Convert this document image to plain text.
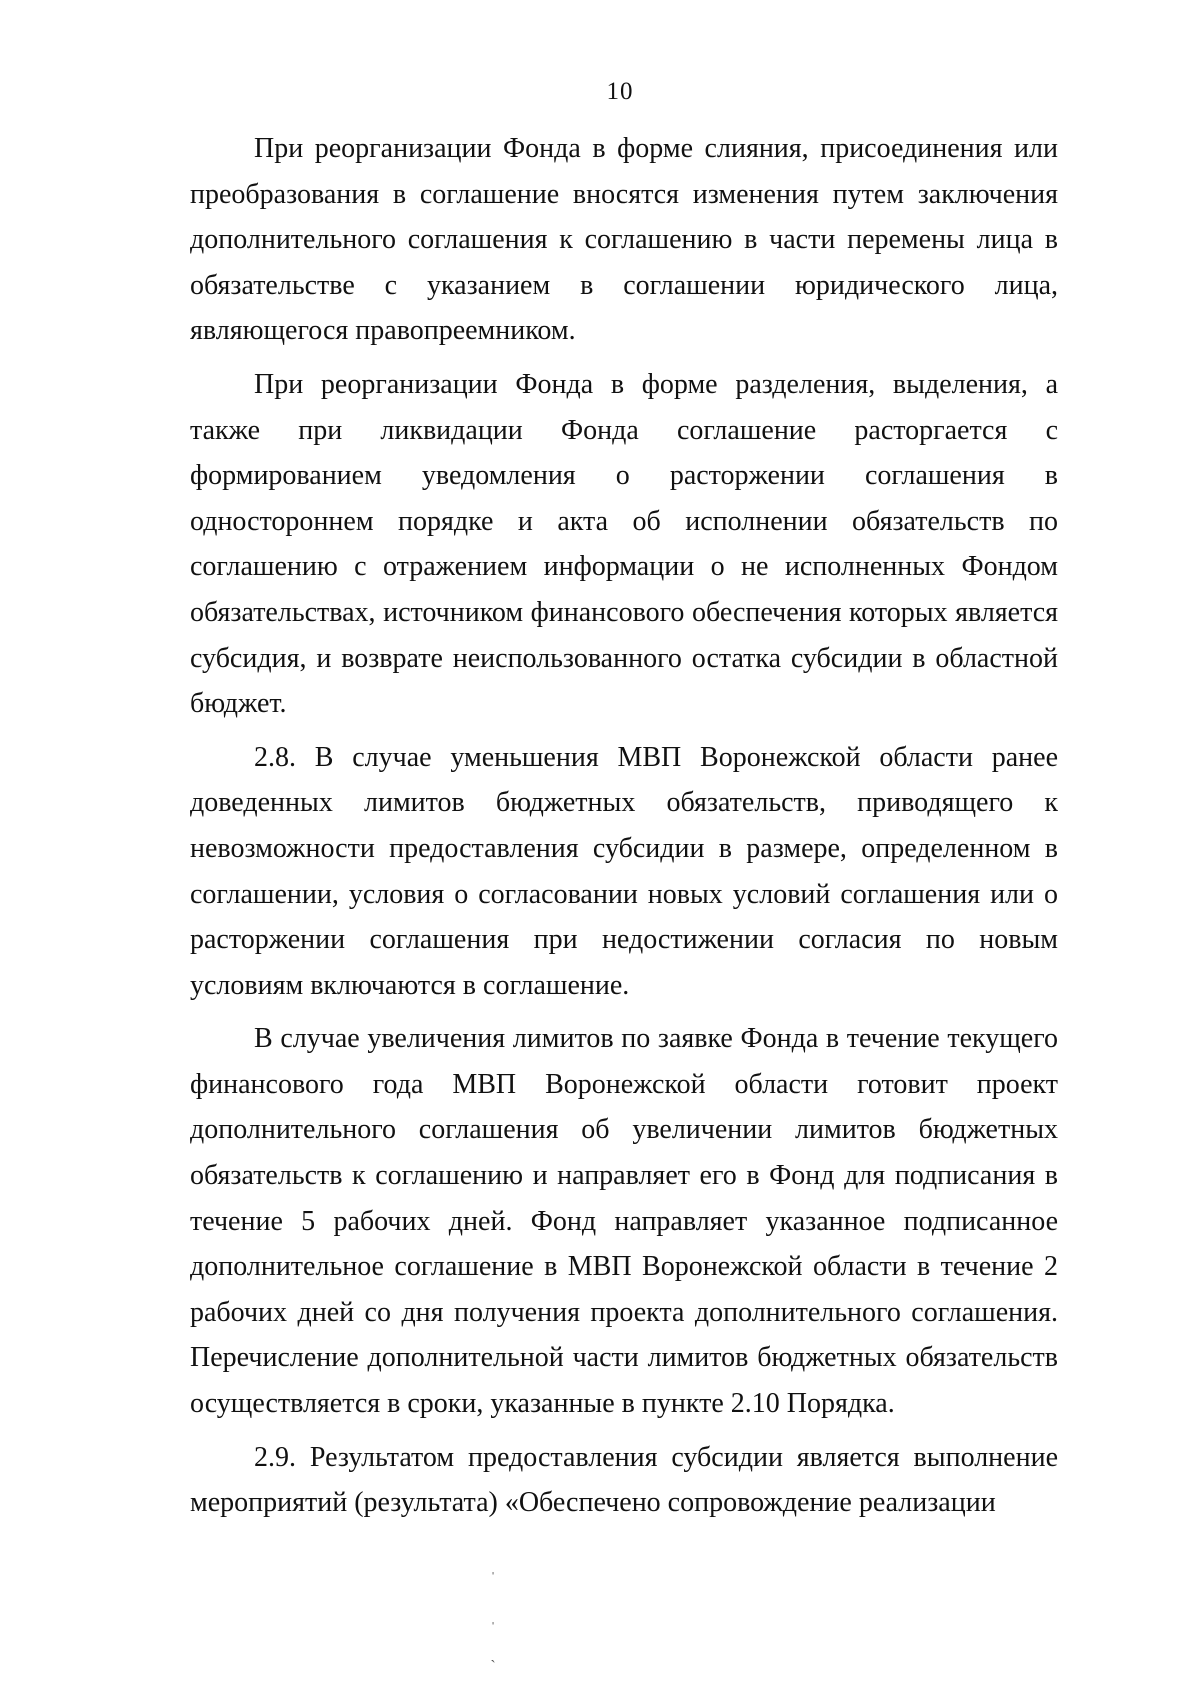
10

При реорганизации Фонда в форме слияния, присоединения или преобразования в соглашение вносятся изменения путем заключения дополнительного соглашения к соглашению в части перемены лица в обязательстве с указанием в соглашении юридического лица, являющегося правопреемником.

При реорганизации Фонда в форме разделения, выделения, а также при ликвидации Фонда соглашение расторгается с формированием уведомления о расторжении соглашения в одностороннем порядке и акта об исполнении обязательств по соглашению с отражением информации о не исполненных Фондом обязательствах, источником финансового обеспечения которых является субсидия, и возврате неиспользованного остатка субсидии в областной бюджет.

2.8. В случае уменьшения МВП Воронежской области ранее доведенных лимитов бюджетных обязательств, приводящего к невозможности предоставления субсидии в размере, определенном в соглашении, условия о согласовании новых условий соглашения или о расторжении соглашения при недостижении согласия по новым условиям включаются в соглашение.

В случае увеличения лимитов по заявке Фонда в течение текущего финансового года МВП Воронежской области готовит проект дополнительного соглашения об увеличении лимитов бюджетных обязательств к соглашению и направляет его в Фонд для подписания в течение 5 рабочих дней. Фонд направляет указанное подписанное дополнительное соглашение в МВП Воронежской области в течение 2 рабочих дней со дня получения проекта дополнительного соглашения. Перечисление дополнительной части лимитов бюджетных обязательств осуществляется в сроки, указанные в пункте 2.10 Порядка.

2.9. Результатом предоставления субсидии является выполнение мероприятий (результата) «Обеспечено сопровождение реализации

ˈ
ˌ
ˏ
